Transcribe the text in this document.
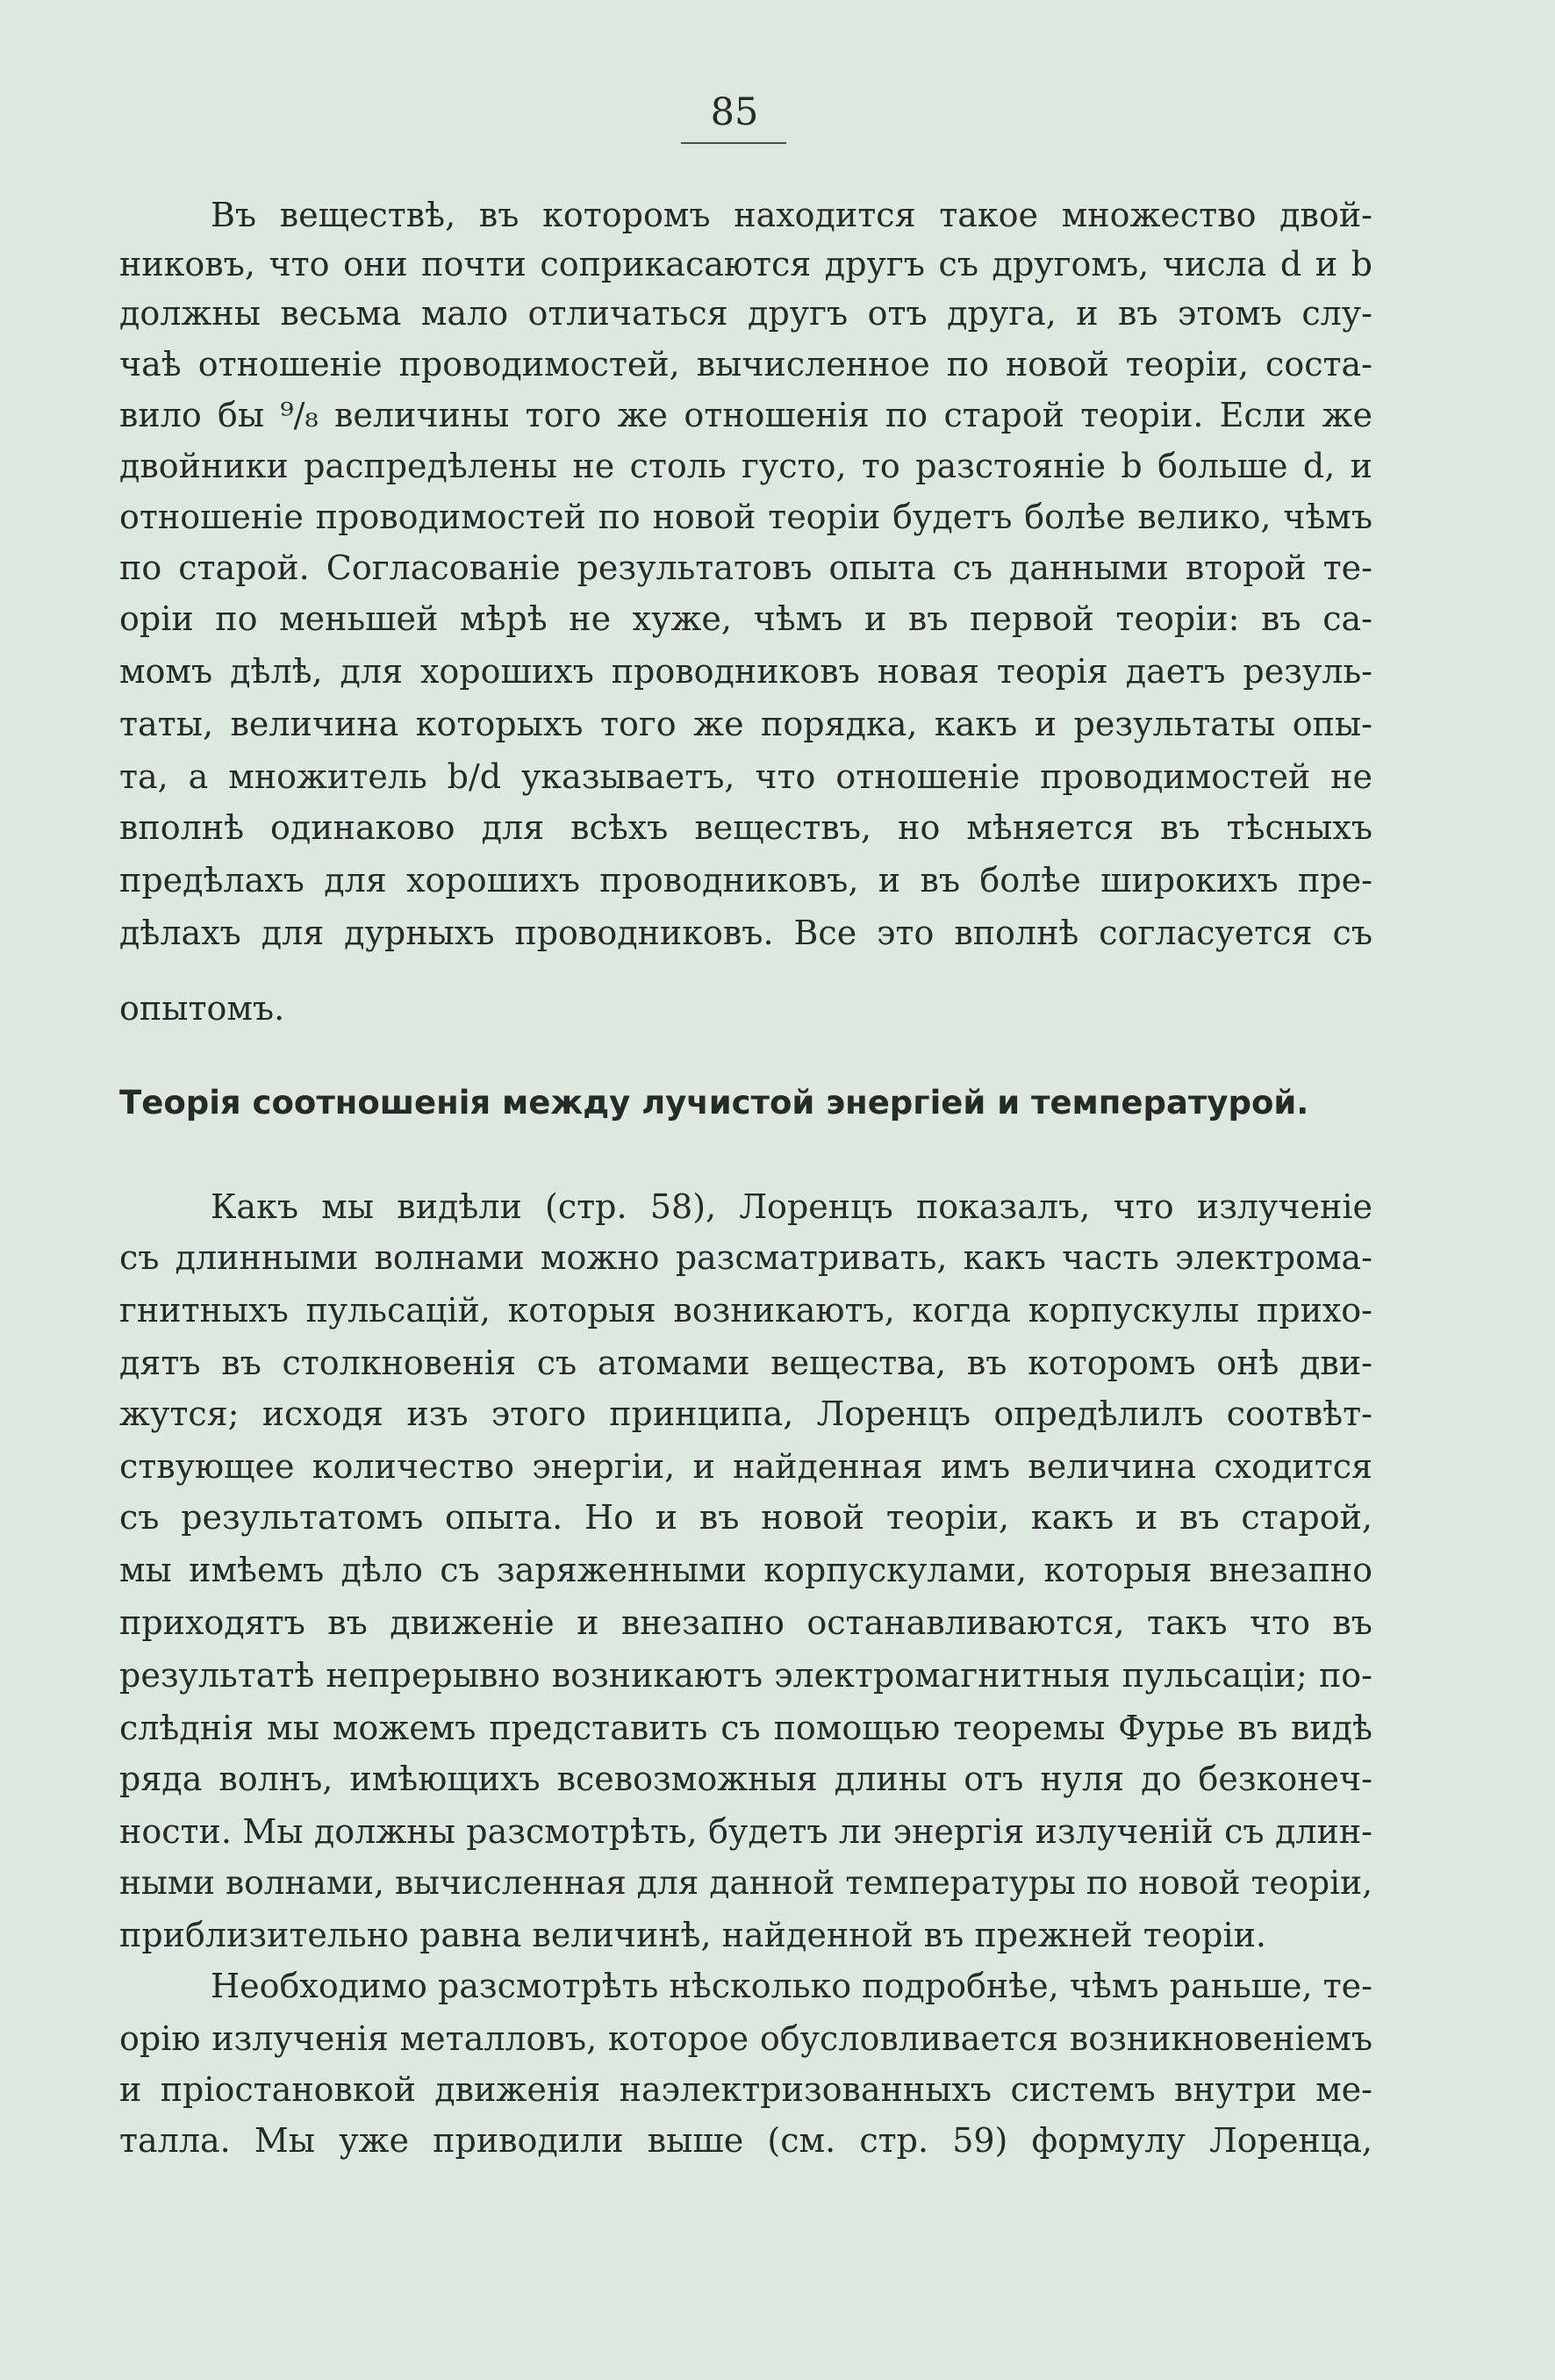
85
Въ веществѣ, въ которомъ находится такое множество двой-
никовъ, что они почти соприкасаются другъ съ другомъ, числа d и b
должны весьма мало отличаться другъ отъ друга, и въ этомъ слу-
чаѣ отношеніе проводимостей, вычисленное по новой теоріи, соста-
вило бы ⁹/₈ величины того же отношенія по старой теоріи. Если же
двойники распредѣлены не столь густо, то разстояніе b больше d, и
отношеніе проводимостей по новой теоріи будетъ болѣе велико, чѣмъ
по старой. Согласованіе результатовъ опыта съ данными второй те-
оріи по меньшей мѣрѣ не хуже, чѣмъ и въ первой теоріи: въ са-
момъ дѣлѣ, для хорошихъ проводниковъ новая теорія даетъ резуль-
таты, величина которыхъ того же порядка, какъ и результаты опы-
та, а множитель b/d указываетъ, что отношеніе проводимостей не
вполнѣ одинаково для всѣхъ веществъ, но мѣняется въ тѣсныхъ
предѣлахъ для хорошихъ проводниковъ, и въ болѣе широкихъ пре-
дѣлахъ для дурныхъ проводниковъ. Все это вполнѣ согласуется съ
опытомъ.
Теорія соотношенія между лучистой энергіей и температурой.
Какъ мы видѣли (стр. 58), Лоренцъ показалъ, что излученіе
съ длинными волнами можно разсматривать, какъ часть электрома-
гнитныхъ пульсацій, которыя возникаютъ, когда корпускулы прихо-
дятъ въ столкновенія съ атомами вещества, въ которомъ онѣ дви-
жутся; исходя изъ этого принципа, Лоренцъ опредѣлилъ соотвѣт-
ствующее количество энергіи, и найденная имъ величина сходится
съ результатомъ опыта. Но и въ новой теоріи, какъ и въ старой,
мы имѣемъ дѣло съ заряженными корпускулами, которыя внезапно
приходятъ въ движеніе и внезапно останавливаются, такъ что въ
результатѣ непрерывно возникаютъ электромагнитныя пульсаціи; по-
слѣднія мы можемъ представить съ помощью теоремы Фурье въ видѣ
ряда волнъ, имѣющихъ всевозможныя длины отъ нуля до безконеч-
ности. Мы должны разсмотрѣть, будетъ ли энергія излученій съ длин-
ными волнами, вычисленная для данной температуры по новой теоріи,
приблизительно равна величинѣ, найденной въ прежней теоріи.
Необходимо разсмотрѣть нѣсколько подробнѣе, чѣмъ раньше, те-
орію излученія металловъ, которое обусловливается возникновеніемъ
и пріостановкой движенія наэлектризованныхъ системъ внутри ме-
талла. Мы уже приводили выше (см. стр. 59) формулу Лоренца,
